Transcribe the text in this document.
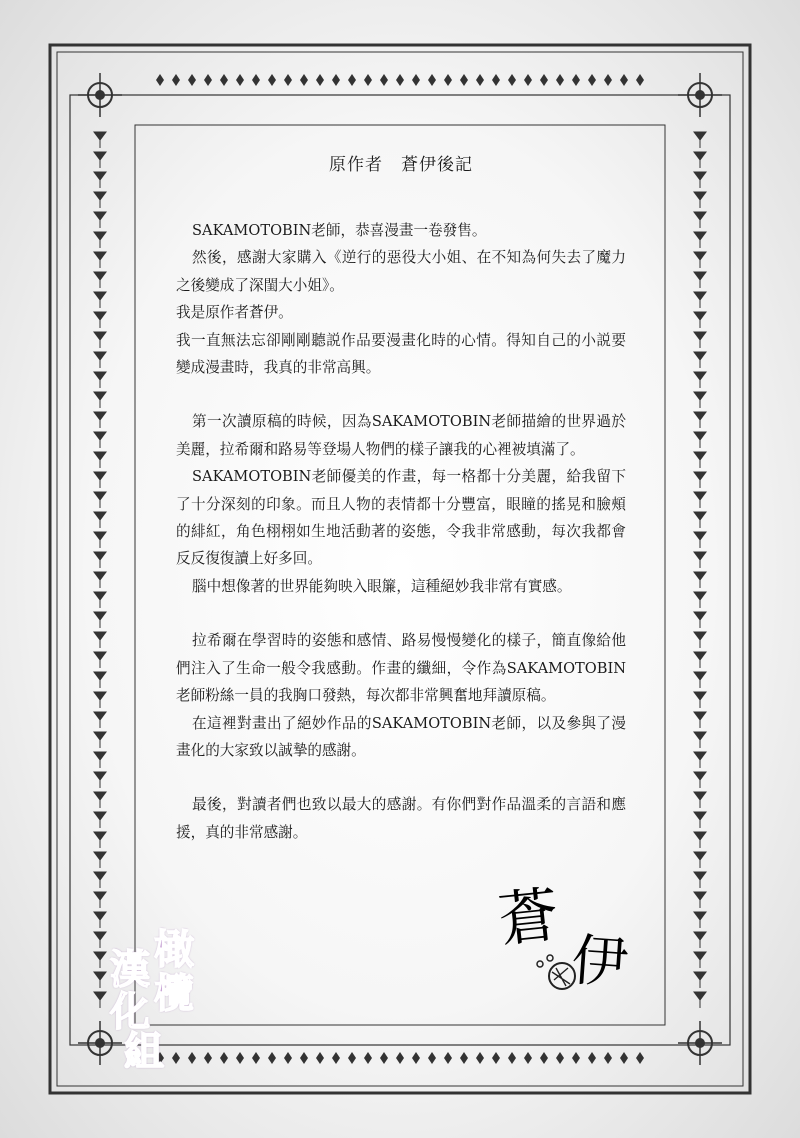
原作者　蒼伊後記

SAKAMOTOBIN老師，恭喜漫畫一卷發售。

然後，感謝大家購入《逆行的惡役大小姐、在不知為何失去了魔力之後變成了深閨大小姐》。

我是原作者蒼伊。

我一直無法忘卻剛剛聽説作品要漫畫化時的心情。得知自己的小説要變成漫畫時，我真的非常高興。

第一次讀原稿的時候，因為SAKAMOTOBIN老師描繪的世界過於美麗，拉希爾和路易等登場人物們的樣子讓我的心裡被填滿了。

SAKAMOTOBIN老師優美的作畫，每一格都十分美麗，給我留下了十分深刻的印象。而且人物的表情都十分豐富，眼瞳的搖晃和臉頰的緋紅，角色栩栩如生地活動著的姿態，令我非常感動，每次我都會反反復復讀上好多回。

腦中想像著的世界能夠映入眼簾，這種絕妙我非常有實感。

拉希爾在學習時的姿態和感情、路易慢慢變化的樣子，簡直像給他們注入了生命一般令我感動。作畫的纖細，令作為SAKAMOTOBIN老師粉絲一員的我胸口發熱，每次都非常興奮地拜讀原稿。

在這裡對畫出了絕妙作品的SAKAMOTOBIN老師，以及參與了漫畫化的大家致以誠摯的感謝。

最後，對讀者們也致以最大的感謝。有你們對作品溫柔的言語和應援，真的非常感謝。

蒼
伊
橄
欖
漢
化
組
